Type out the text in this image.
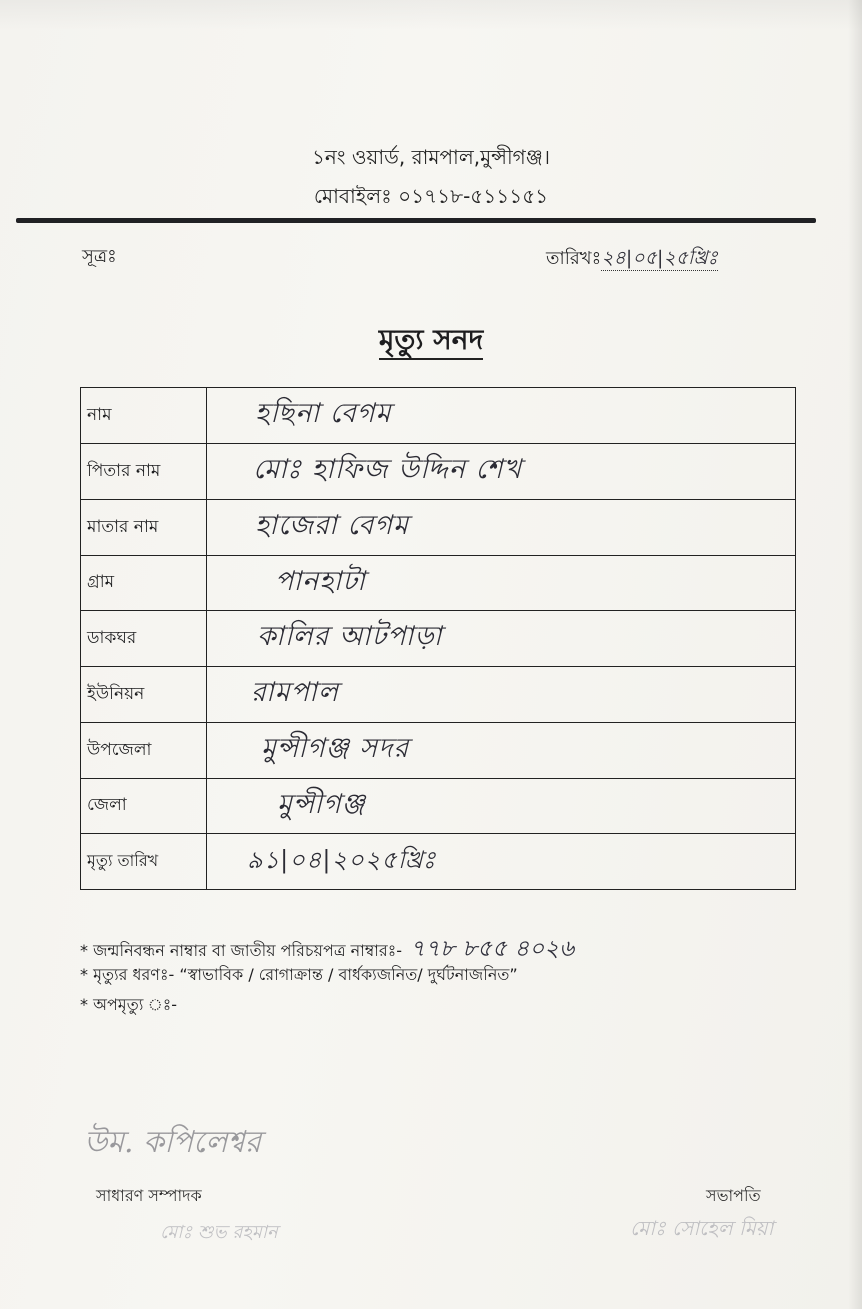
১নং ওয়ার্ড, রামপাল,মুন্সীগঞ্জ।
মোবাইলঃ ০১৭১৮-৫১১১৫১
সূত্রঃ	তারিখঃ২৪|০৫|২৫খ্রিঃ
মৃত্যু সনদ
নাম	হছিনা বেগম
পিতার নাম	মোঃ হাফিজ উদ্দিন শেখ
মাতার নাম	হাজেরা বেগম
গ্রাম	পানহাটা
ডাকঘর	কালির আটপাড়া
ইউনিয়ন	রামপাল
উপজেলা	মুন্সীগঞ্জ সদর
জেলা	মুন্সীগঞ্জ
মৃত্যু তারিখ	৯১|০৪|২০২৫খ্রিঃ
* জন্মনিবন্ধন নাম্বার বা জাতীয় পরিচয়পত্র নাম্বারঃ- ৭৭৮ ৮৫৫ ৪০২৬
* মৃত্যুর ধরণঃ- “স্বাভাবিক / রোগাক্রান্ত / বার্ধক্যজনিত/ দুর্ঘটনাজনিত”
* অপমৃত্যু ঃ-
উম. কপিলেশ্বর
সাধারণ সম্পাদক
মোঃ শুভ রহমান
সভাপতি
মোঃ সোহেল মিয়া
